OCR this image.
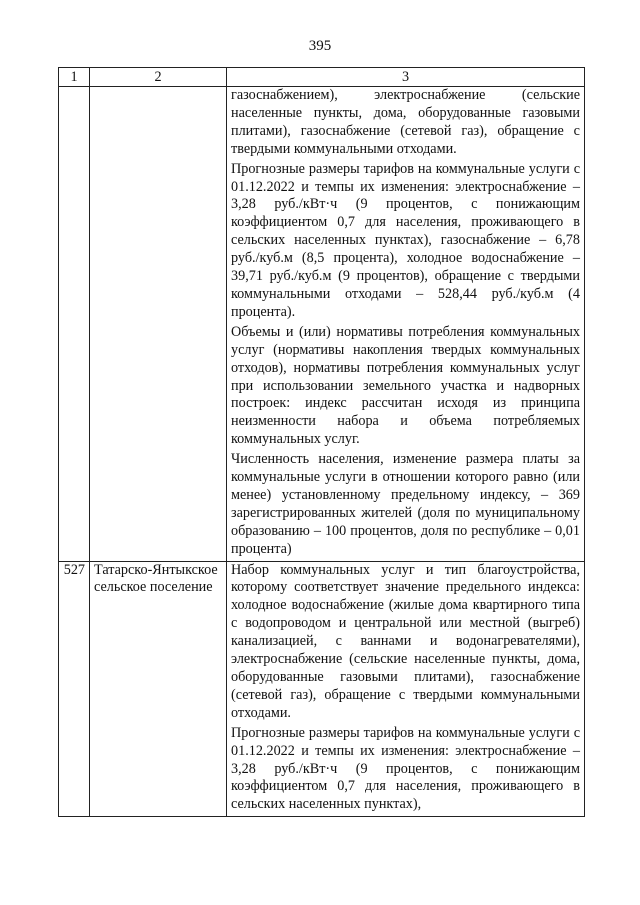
395
1	2	3

		газоснабжением), электроснабжение (сельские населенные пункты, дома, оборудованные газовыми плитами), газоснабжение (сетевой газ), обращение с твердыми коммунальными отходами.
Прогнозные размеры тарифов на коммунальные услуги с 01.12.2022 и темпы их изменения: электроснабжение – 3,28 руб./кВт·ч (9 процентов, с понижающим коэффициентом 0,7 для населения, проживающего в сельских населенных пунктах), газоснабжение – 6,78 руб./куб.м (8,5 процента), холодное водоснабжение – 39,71 руб./куб.м (9 процентов), обращение с твердыми коммунальными отходами – 528,44 руб./куб.м (4 процента).
Объемы и (или) нормативы потребления коммунальных услуг (нормативы накопления твердых коммунальных отходов), нормативы потребления коммунальных услуг при использовании земельного участка и надворных построек: индекс рассчитан исходя из принципа неизменности набора и объема потребляемых коммунальных услуг.
Численность населения, изменение размера платы за коммунальные услуги в отношении которого равно (или менее) установленному предельному индексу, – 369 зарегистрированных жителей (доля по муниципальному образованию – 100 процентов, доля по республике – 0,01 процента)

527	Татарско-Янтыкское сельское поселение	Набор коммунальных услуг и тип благоустройства, которому соответствует значение предельного индекса: холодное водоснабжение (жилые дома квартирного типа с водопроводом и центральной или местной (выгреб) канализацией, с ваннами и водонагревателями), электроснабжение (сельские населенные пункты, дома, оборудованные газовыми плитами), газоснабжение (сетевой газ), обращение с твердыми коммунальными отходами.
Прогнозные размеры тарифов на коммунальные услуги с 01.12.2022 и темпы их изменения: электроснабжение – 3,28 руб./кВт·ч (9 процентов, с понижающим коэффициентом 0,7 для населения, проживающего в сельских населенных пунктах),
